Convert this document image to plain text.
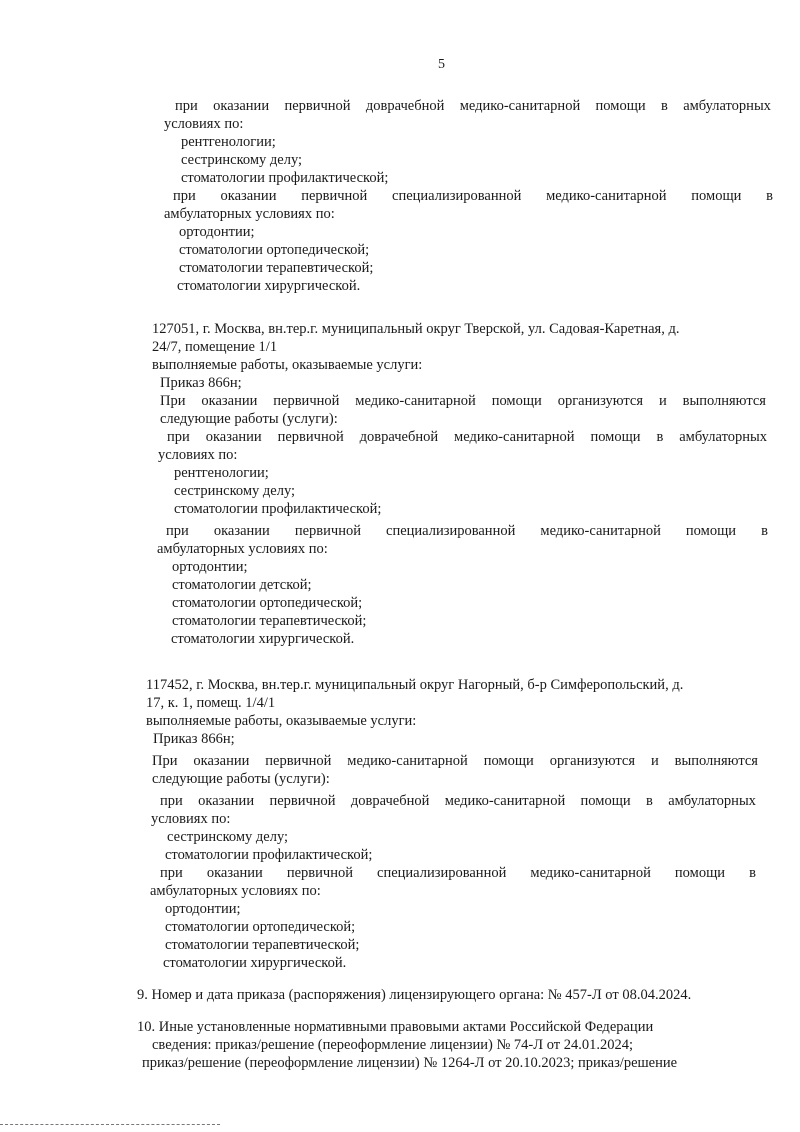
5
при оказании первичной доврачебной медико-санитарной помощи в амбулаторных
условиях по:
рентгенологии;
сестринскому делу;
стоматологии профилактической;
при оказании первичной специализированной медико-санитарной помощи в
амбулаторных условиях по:
ортодонтии;
стоматологии ортопедической;
стоматологии терапевтической;
стоматологии хирургической.
127051, г. Москва, вн.тер.г. муниципальный округ Тверской, ул. Садовая-Каретная, д.
24/7, помещение 1/1
выполняемые работы, оказываемые услуги:
Приказ 866н;
При оказании первичной медико-санитарной помощи организуются и выполняются
следующие работы (услуги):
при оказании первичной доврачебной медико-санитарной помощи в амбулаторных
условиях по:
рентгенологии;
сестринскому делу;
стоматологии профилактической;
при оказании первичной специализированной медико-санитарной помощи в
амбулаторных условиях по:
ортодонтии;
стоматологии детской;
стоматологии ортопедической;
стоматологии терапевтической;
стоматологии хирургической.
117452, г. Москва, вн.тер.г. муниципальный округ Нагорный, б-р Симферопольский, д.
17, к. 1, помещ. 1/4/1
выполняемые работы, оказываемые услуги:
Приказ 866н;
При оказании первичной медико-санитарной помощи организуются и выполняются
следующие работы (услуги):
при оказании первичной доврачебной медико-санитарной помощи в амбулаторных
условиях по:
сестринскому делу;
стоматологии профилактической;
при оказании первичной специализированной медико-санитарной помощи в
амбулаторных условиях по:
ортодонтии;
стоматологии ортопедической;
стоматологии терапевтической;
стоматологии хирургической.
9. Номер и дата приказа (распоряжения) лицензирующего органа: № 457-Л от 08.04.2024.
10. Иные установленные нормативными правовыми актами Российской Федерации
сведения: приказ/решение (переоформление лицензии) № 74-Л от 24.01.2024;
приказ/решение (переоформление лицензии) № 1264-Л от 20.10.2023; приказ/решение
